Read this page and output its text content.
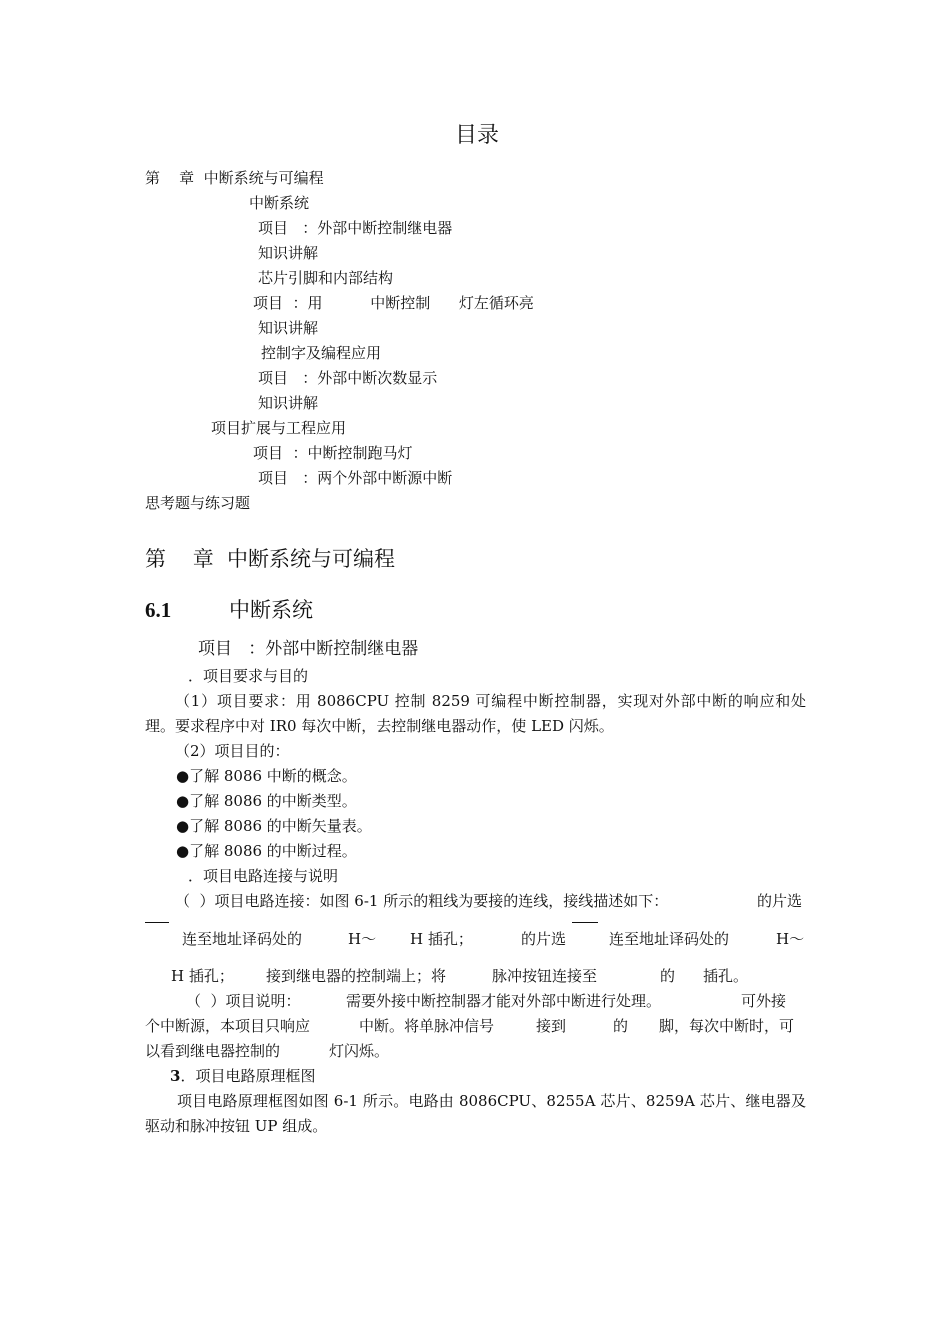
目录
第    章  中断系统与可编程
中断系统
项目   ：外部中断控制继电器
知识讲解
芯片引脚和内部结构
项目  ：用          中断控制      灯左循环亮
知识讲解
控制字及编程应用
项目   ：外部中断次数显示
知识讲解
项目扩展与工程应用
项目  ：中断控制跑马灯
项目   ：两个外部中断源中断
思考题与练习题
第    章  中断系统与可编程
6.1	中断系统
项目   ：外部中断控制继电器
．项目要求与目的
（1）项目要求：用 8086CPU 控制 8259 可编程中断控制器，实现对外部中断的响应和处理。要求程序中对 IR0 每次中断，去控制继电器动作，使 LED 闪烁。
（2）项目目的：
●了解 8086 中断的概念。
●了解 8086 的中断类型。
●了解 8086 的中断矢量表。
●了解 8086 的中断过程。
．项目电路连接与说明
（  ）项目电路连接：如图 6-1 所示的粗线为要接的连线，接线描述如下：	的片选
连至地址译码处的	H～ H 插孔；	的片选	连至地址译码处的	H～
H 插孔； 接到继电器的控制端上；将	脉冲按钮连接至	的 插孔。
（  ）项目说明：	需要外接中断控制器才能对外部中断进行处理。	可外接
个中断源，本项目只响应	中断。将单脉冲信号	接到	的 脚，每次中断时，可
以看到继电器控制的	灯闪烁。
3．项目电路原理框图
项目电路原理框图如图 6-1 所示。电路由 8086CPU、8255A 芯片、8259A 芯片、继电器及驱动和脉冲按钮 UP 组成。
